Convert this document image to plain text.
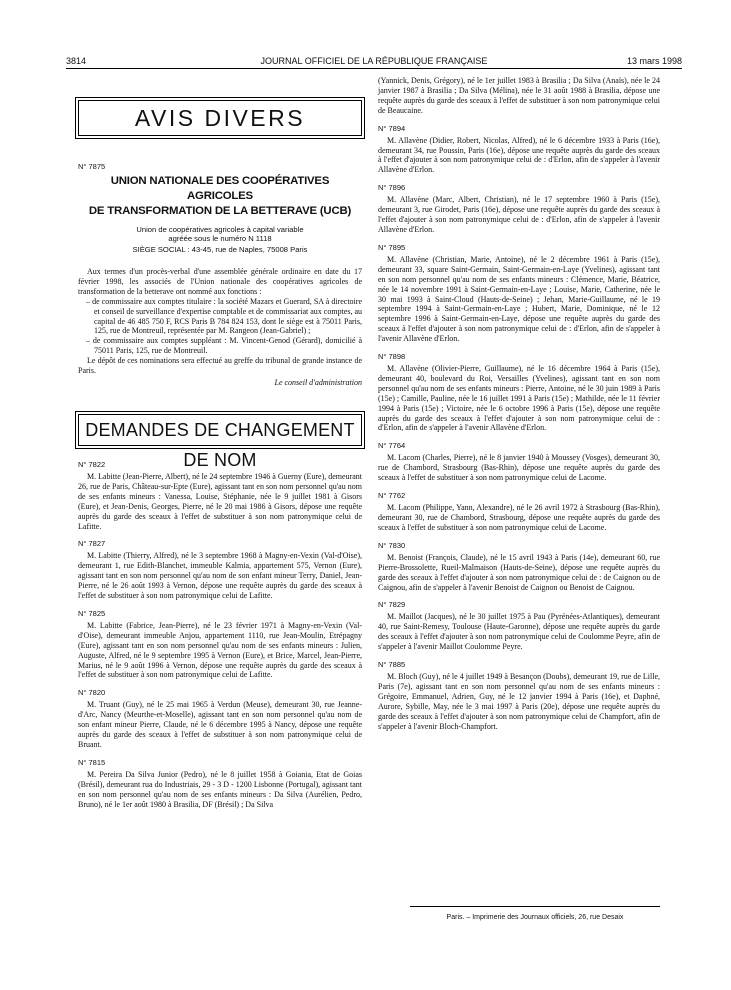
3814	JOURNAL OFFICIEL DE LA RÉPUBLIQUE FRANÇAISE	13 mars 1998
AVIS DIVERS
N° 7875
UNION NATIONALE DES COOPÉRATIVES AGRICOLES
DE TRANSFORMATION DE LA BETTERAVE (UCB)
Union de coopératives agricoles à capital variable
agréée sous le numéro N 1118
SIÈGE SOCIAL : 43-45, rue de Naples, 75008 Paris

Aux termes d'un procès-verbal d'une assemblée générale ordinaire en date du 17 février 1998, les associés de l'Union nationale des coopératives agricoles de transformation de la betterave ont nommé aux fonctions :

– de commissaire aux comptes titulaire : la société Mazars et Guerard, SA à directoire et conseil de surveillance d'expertise comptable et de commissariat aux comptes, au capital de 46 485 750 F, RCS Paris B 784 824 153, dont le siège est à 75011 Paris, 125, rue de Montreuil, représentée par M. Rangeon (Jean-Gabriel) ;

– de commissaire aux comptes suppléant : M. Vincent-Genod (Gérard), domicilié à 75011 Paris, 125, rue de Montreuil.

Le dépôt de ces nominations sera effectué au greffe du tribunal de grande instance de Paris.

Le conseil d'administration

DEMANDES DE CHANGEMENT DE NOM
N° 7822

M. Labitte (Jean-Pierre, Albert), né le 24 septembre 1946 à Guerny (Eure), demeurant 26, rue de Paris, Château-sur-Epte (Eure), agissant tant en son nom personnel qu'au nom de ses enfants mineurs : Vanessa, Louise, Stéphanie, née le 9 juillet 1981 à Gisors (Eure), et Jean-Denis, Georges, Pierre, né le 20 mai 1986 à Gisors, dépose une requête auprès du garde des sceaux à l'effet de substituer à son nom patronymique celui de Lafitte.

N° 7827

M. Labitte (Thierry, Alfred), né le 3 septembre 1968 à Magny-en-Vexin (Val-d'Oise), demeurant 1, rue Edith-Blanchet, immeuble Kalmia, appartement 575, Vernon (Eure), agissant tant en son nom personnel qu'au nom de son enfant mineur Terry, Daniel, Jean-Pierre, né le 26 août 1993 à Vernon, dépose une requête auprès du garde des sceaux à l'effet de substituer à son nom patronymique celui de Lafitte.

N° 7825

M. Labitte (Fabrice, Jean-Pierre), né le 23 février 1971 à Magny-en-Vexin (Val-d'Oise), demeurant immeuble Anjou, appartement 1110, rue Jean-Moulin, Etrépagny (Eure), agissant tant en son nom personnel qu'au nom de ses enfants mineurs : Julien, Auguste, Alfred, né le 9 septembre 1995 à Vernon (Eure), et Brice, Marcel, Jean-Pierre, Marius, né le 9 août 1996 à Vernon, dépose une requête auprès du garde des sceaux à l'effet de substituer à son nom patronymique celui de Lafitte.

N° 7820

M. Truant (Guy), né le 25 mai 1965 à Verdun (Meuse), demeurant 30, rue Jeanne-d'Arc, Nancy (Meurthe-et-Moselle), agissant tant en son nom personnel qu'au nom de son enfant mineur Pierre, Claude, né le 6 décembre 1995 à Nancy, dépose une requête auprès du garde des sceaux à l'effet de substituer à son nom patronymique celui de Bruant.

N° 7815

M. Pereira Da Silva Junior (Pedro), né le 8 juillet 1958 à Goiania, Etat de Goias (Brésil), demeurant rua do Industriais, 29 - 3 D - 1200 Lisbonne (Portugal), agissant tant en son nom personnel qu'au nom de ses enfants mineurs : Da Silva (Aurélien, Pedro, Bruno), né le 1er août 1980 à Brasilia, DF (Brésil) ; Da Silva

(Yannick, Denis, Grégory), né le 1er juillet 1983 à Brasilia ; Da Silva (Anaïs), née le 24 janvier 1987 à Brasilia ; Da Silva (Mélina), née le 31 août 1988 à Brasilia, dépose une requête auprès du garde des sceaux à l'effet de substituer à son nom patronymique celui de Beaucaine.

N° 7894

M. Allavène (Didier, Robert, Nicolas, Alfred), né le 6 décembre 1933 à Paris (16e), demeurant 34, rue Poussin, Paris (16e), dépose une requête auprès du garde des sceaux à l'effet d'ajouter à son nom patronymique celui de : d'Erlon, afin de s'appeler à l'avenir Allavène d'Erlon.

N° 7896

M. Allavène (Marc, Albert, Christian), né le 17 septembre 1960 à Paris (15e), demeurant 3, rue Girodet, Paris (16e), dépose une requête auprès du garde des sceaux à l'effet d'ajouter à son nom patronymique celui de : d'Erlon, afin de s'appeler à l'avenir Allavène d'Erlon.

N° 7895

M. Allavène (Christian, Marie, Antoine), né le 2 décembre 1961 à Paris (15e), demeurant 33, square Saint-Germain, Saint-Germain-en-Laye (Yvelines), agissant tant en son nom personnel qu'au nom de ses enfants mineurs : Clémence, Marie, Béatrice, née le 14 novembre 1991 à Saint-Germain-en-Laye ; Louise, Marie, Catherine, née le 30 mai 1993 à Saint-Cloud (Hauts-de-Seine) ; Jehan, Marie-Guillaume, né le 19 septembre 1994 à Saint-Germain-en-Laye ; Hubert, Marie, Dominique, né le 12 septembre 1996 à Saint-Germain-en-Laye, dépose une requête auprès du garde des sceaux à l'effet d'ajouter à son nom patronymique celui de : d'Erlon, afin de s'appeler à l'avenir Allavène d'Erlon.

N° 7898

M. Allavène (Olivier-Pierre, Guillaume), né le 16 décembre 1964 à Paris (15e), demeurant 40, boulevard du Roi, Versailles (Yvelines), agissant tant en son nom personnel qu'au nom de ses enfants mineurs : Pierre, Antoine, né le 30 juin 1989 à Paris (15e) ; Camille, Pauline, née le 16 juillet 1991 à Paris (15e) ; Mathilde, née le 11 février 1994 à Paris (15e) ; Victoire, née le 6 octobre 1996 à Paris (15e), dépose une requête auprès du garde des sceaux à l'effet d'ajouter à son nom patronymique celui de : d'Erlon, afin de s'appeler à l'avenir Allavène d'Erlon.

N° 7764

M. Lacom (Charles, Pierre), né le 8 janvier 1940 à Moussey (Vosges), demeurant 30, rue de Chambord, Strasbourg (Bas-Rhin), dépose une requête auprès du garde des sceaux à l'effet de substituer à son nom patronymique celui de Lacome.

N° 7762

M. Lacom (Philippe, Yann, Alexandre), né le 26 avril 1972 à Strasbourg (Bas-Rhin), demeurant 30, rue de Chambord, Strasbourg, dépose une requête auprès du garde des sceaux à l'effet de substituer à son nom patronymique celui de Lacome.

N° 7830

M. Benoist (François, Claude), né le 15 avril 1943 à Paris (14e), demeurant 60, rue Pierre-Brossolette, Rueil-Malmaison (Hauts-de-Seine), dépose une requête auprès du garde des sceaux à l'effet d'ajouter à son nom patronymique celui de : de Caignon ou de Caignou, afin de s'appeler à l'avenir Benoist de Caignon ou Benoist de Caignou.

N° 7829

M. Maillot (Jacques), né le 30 juillet 1975 à Pau (Pyrénées-Atlantiques), demeurant 40, rue Saint-Remesy, Toulouse (Haute-Garonne), dépose une requête auprès du garde des sceaux à l'effet d'ajouter à son nom patronymique celui de Coulomme Peyre, afin de s'appeler à l'avenir Maillot Coulomme Peyre.

N° 7885

M. Bloch (Guy), né le 4 juillet 1949 à Besançon (Doubs), demeurant 19, rue de Lille, Paris (7e), agissant tant en son nom personnel qu'au nom de ses enfants mineurs : Grégoire, Emmanuel, Adrien, Guy, né le 12 janvier 1994 à Paris (16e), et Daphné, Aurore, Sybille, May, née le 3 mai 1997 à Paris (20e), dépose une requête auprès du garde des sceaux à l'effet d'ajouter à son nom patronymique celui de Champfort, afin de s'appeler à l'avenir Bloch-Champfort.

Paris. – Imprimerie des Journaux officiels, 26, rue Desaix
